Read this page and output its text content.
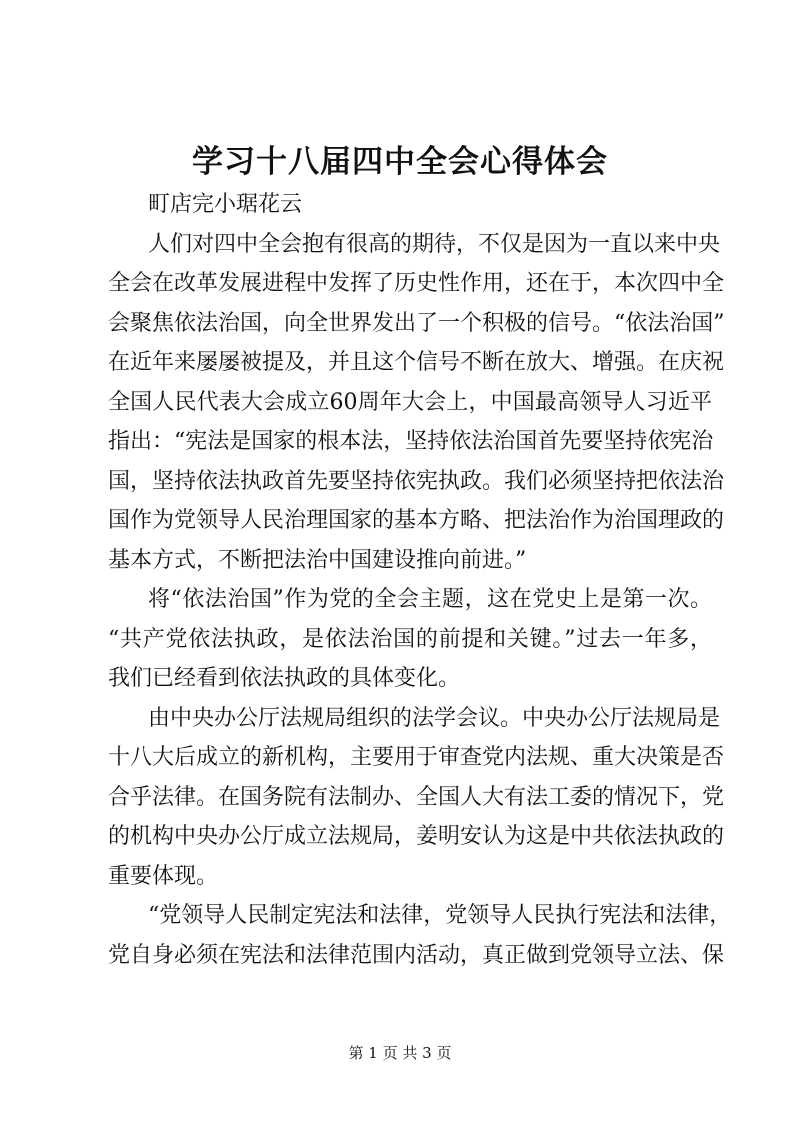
学习十八届四中全会心得体会
町店完小琚花云
人们对四中全会抱有很高的期待，不仅是因为一直以来中央
全会在改革发展进程中发挥了历史性作用，还在于，本次四中全
会聚焦依法治国，向全世界发出了一个积极的信号。“依法治国”
在近年来屡屡被提及，并且这个信号不断在放大、增强。在庆祝
全国人民代表大会成立60周年大会上，中国最高领导人习近平
指出：“宪法是国家的根本法，坚持依法治国首先要坚持依宪治
国，坚持依法执政首先要坚持依宪执政。我们必须坚持把依法治
国作为党领导人民治理国家的基本方略、把法治作为治国理政的
基本方式，不断把法治中国建设推向前进。”
将“依法治国”作为党的全会主题，这在党史上是第一次。
“共产党依法执政，是依法治国的前提和关键。”过去一年多，
我们已经看到依法执政的具体变化。
由中央办公厅法规局组织的法学会议。中央办公厅法规局是
十八大后成立的新机构，主要用于审查党内法规、重大决策是否
合乎法律。在国务院有法制办、全国人大有法工委的情况下，党
的机构中央办公厅成立法规局，姜明安认为这是中共依法执政的
重要体现。
“党领导人民制定宪法和法律，党领导人民执行宪法和法律，
党自身必须在宪法和法律范围内活动，真正做到党领导立法、保
第 1 页 共 3 页
